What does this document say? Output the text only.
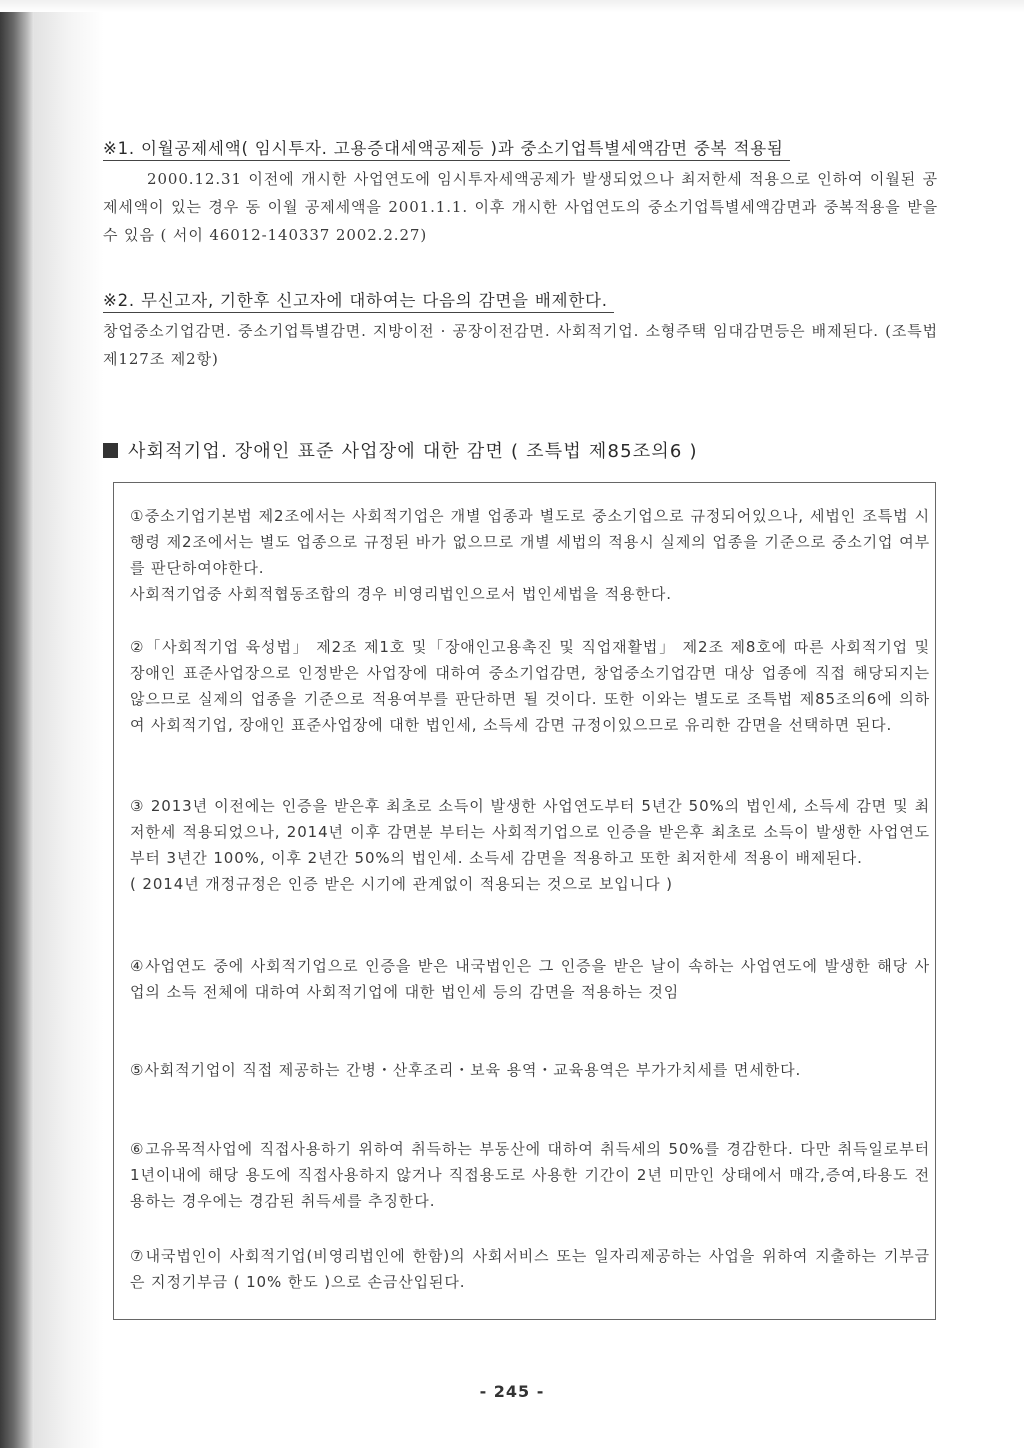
※1. 이월공제세액( 임시투자. 고용증대세액공제등 )과 중소기업특별세액감면 중복 적용됨
2000.12.31 이전에 개시한 사업연도에 임시투자세액공제가 발생되었으나 최저한세 적용으로 인하여 이월된 공제세액이 있는 경우 동 이월 공제세액을 2001.1.1. 이후 개시한 사업연도의 중소기업특별세액감면과 중복적용을 받을수 있음 ( 서이 46012-140337 2002.2.27)
※2. 무신고자, 기한후 신고자에 대하여는 다음의 감면을 배제한다.
창업중소기업감면. 중소기업특별감면. 지방이전 · 공장이전감면. 사회적기업. 소형주택 임대감면등은 배제된다. (조특법 제127조 제2항)
사회적기업. 장애인 표준 사업장에 대한 감면 ( 조특법 제85조의6 )

①중소기업기본법 제2조에서는 사회적기업은 개별 업종과 별도로 중소기업으로 규정되어있으나, 세법인 조특법 시행령 제2조에서는 별도 업종으로 규정된 바가 없으므로 개별 세법의 적용시 실제의 업종을 기준으로 중소기업 여부를 판단하여야한다.

사회적기업중 사회적협동조합의 경우 비영리법인으로서 법인세법을 적용한다.

②「사회적기업 육성법」 제2조 제1호 및「장애인고용촉진 및 직업재활법」 제2조 제8호에 따른 사회적기업 및 장애인 표준사업장으로 인정받은 사업장에 대하여 중소기업감면, 창업중소기업감면 대상 업종에 직접 해당되지는 않으므로 실제의 업종을 기준으로 적용여부를 판단하면 될 것이다. 또한 이와는 별도로 조특법 제85조의6에 의하여 사회적기업, 장애인 표준사업장에 대한 법인세, 소득세 감면 규정이있으므로 유리한 감면을 선택하면 된다.

③ 2013년 이전에는 인증을 받은후 최초로 소득이 발생한 사업연도부터 5년간 50%의 법인세, 소득세 감면 및 최저한세 적용되었으나, 2014년 이후 감면분 부터는 사회적기업으로 인증을 받은후 최초로 소득이 발생한 사업연도부터 3년간 100%, 이후 2년간 50%의 법인세. 소득세 감면을 적용하고 또한 최저한세 적용이 배제된다.

( 2014년 개정규정은 인증 받은 시기에 관계없이 적용되는 것으로 보입니다 )

④사업연도 중에 사회적기업으로 인증을 받은 내국법인은 그 인증을 받은 날이 속하는 사업연도에 발생한 해당 사업의 소득 전체에 대하여 사회적기업에 대한 법인세 등의 감면을 적용하는 것임

⑤사회적기업이 직접 제공하는 간병・산후조리・보육 용역・교육용역은 부가가치세를 면세한다.

⑥고유목적사업에 직접사용하기 위하여 취득하는 부동산에 대하여 취득세의 50%를 경감한다. 다만 취득일로부터 1년이내에 해당 용도에 직접사용하지 않거나 직접용도로 사용한 기간이 2년 미만인 상태에서 매각,증여,타용도 전용하는 경우에는 경감된 취득세를 추징한다.

⑦내국법인이 사회적기업(비영리법인에 한함)의 사회서비스 또는 일자리제공하는 사업을 위하여 지출하는 기부금은 지정기부금 ( 10% 한도 )으로 손금산입된다.

- 245 -
